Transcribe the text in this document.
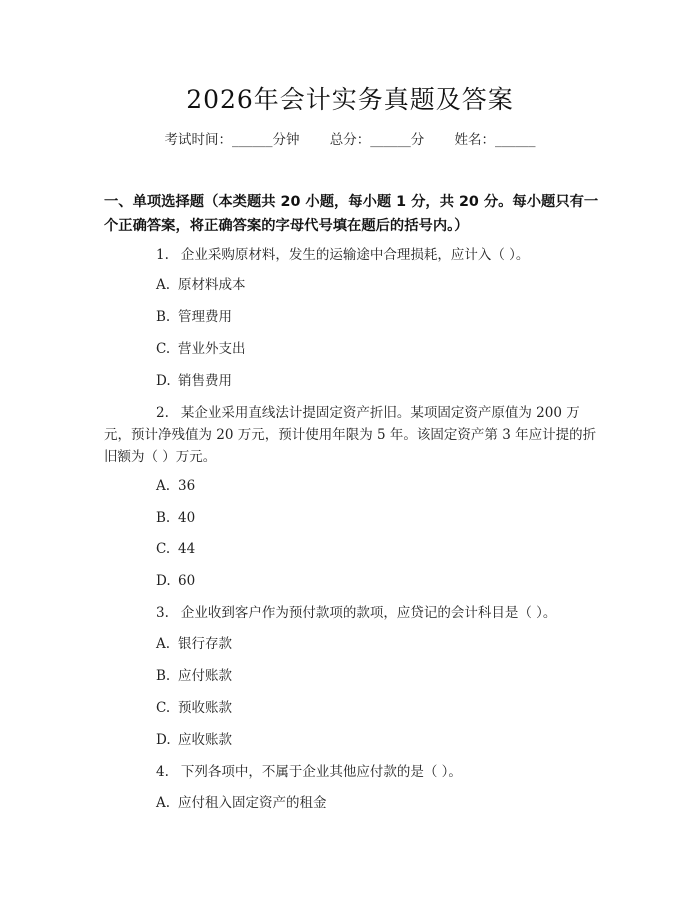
2026年会计实务真题及答案
考试时间：______分钟 总分：______分 姓名：______
一、单项选择题（本类题共 20 小题，每小题 1 分，共 20 分。每小题只有一个正确答案，将正确答案的字母代号填在题后的括号内。）
1. 企业采购原材料，发生的运输途中合理损耗，应计入（ ）。
A. 原材料成本
B. 管理费用
C. 营业外支出
D. 销售费用
2. 某企业采用直线法计提固定资产折旧。某项固定资产原值为 200 万元，预计净残值为 20 万元，预计使用年限为 5 年。该固定资产第 3 年应计提的折旧额为（ ）万元。
A. 36
B. 40
C. 44
D. 60
3. 企业收到客户作为预付款项的款项，应贷记的会计科目是（ ）。
A. 银行存款
B. 应付账款
C. 预收账款
D. 应收账款
4. 下列各项中，不属于企业其他应付款的是（ ）。
A. 应付租入固定资产的租金
